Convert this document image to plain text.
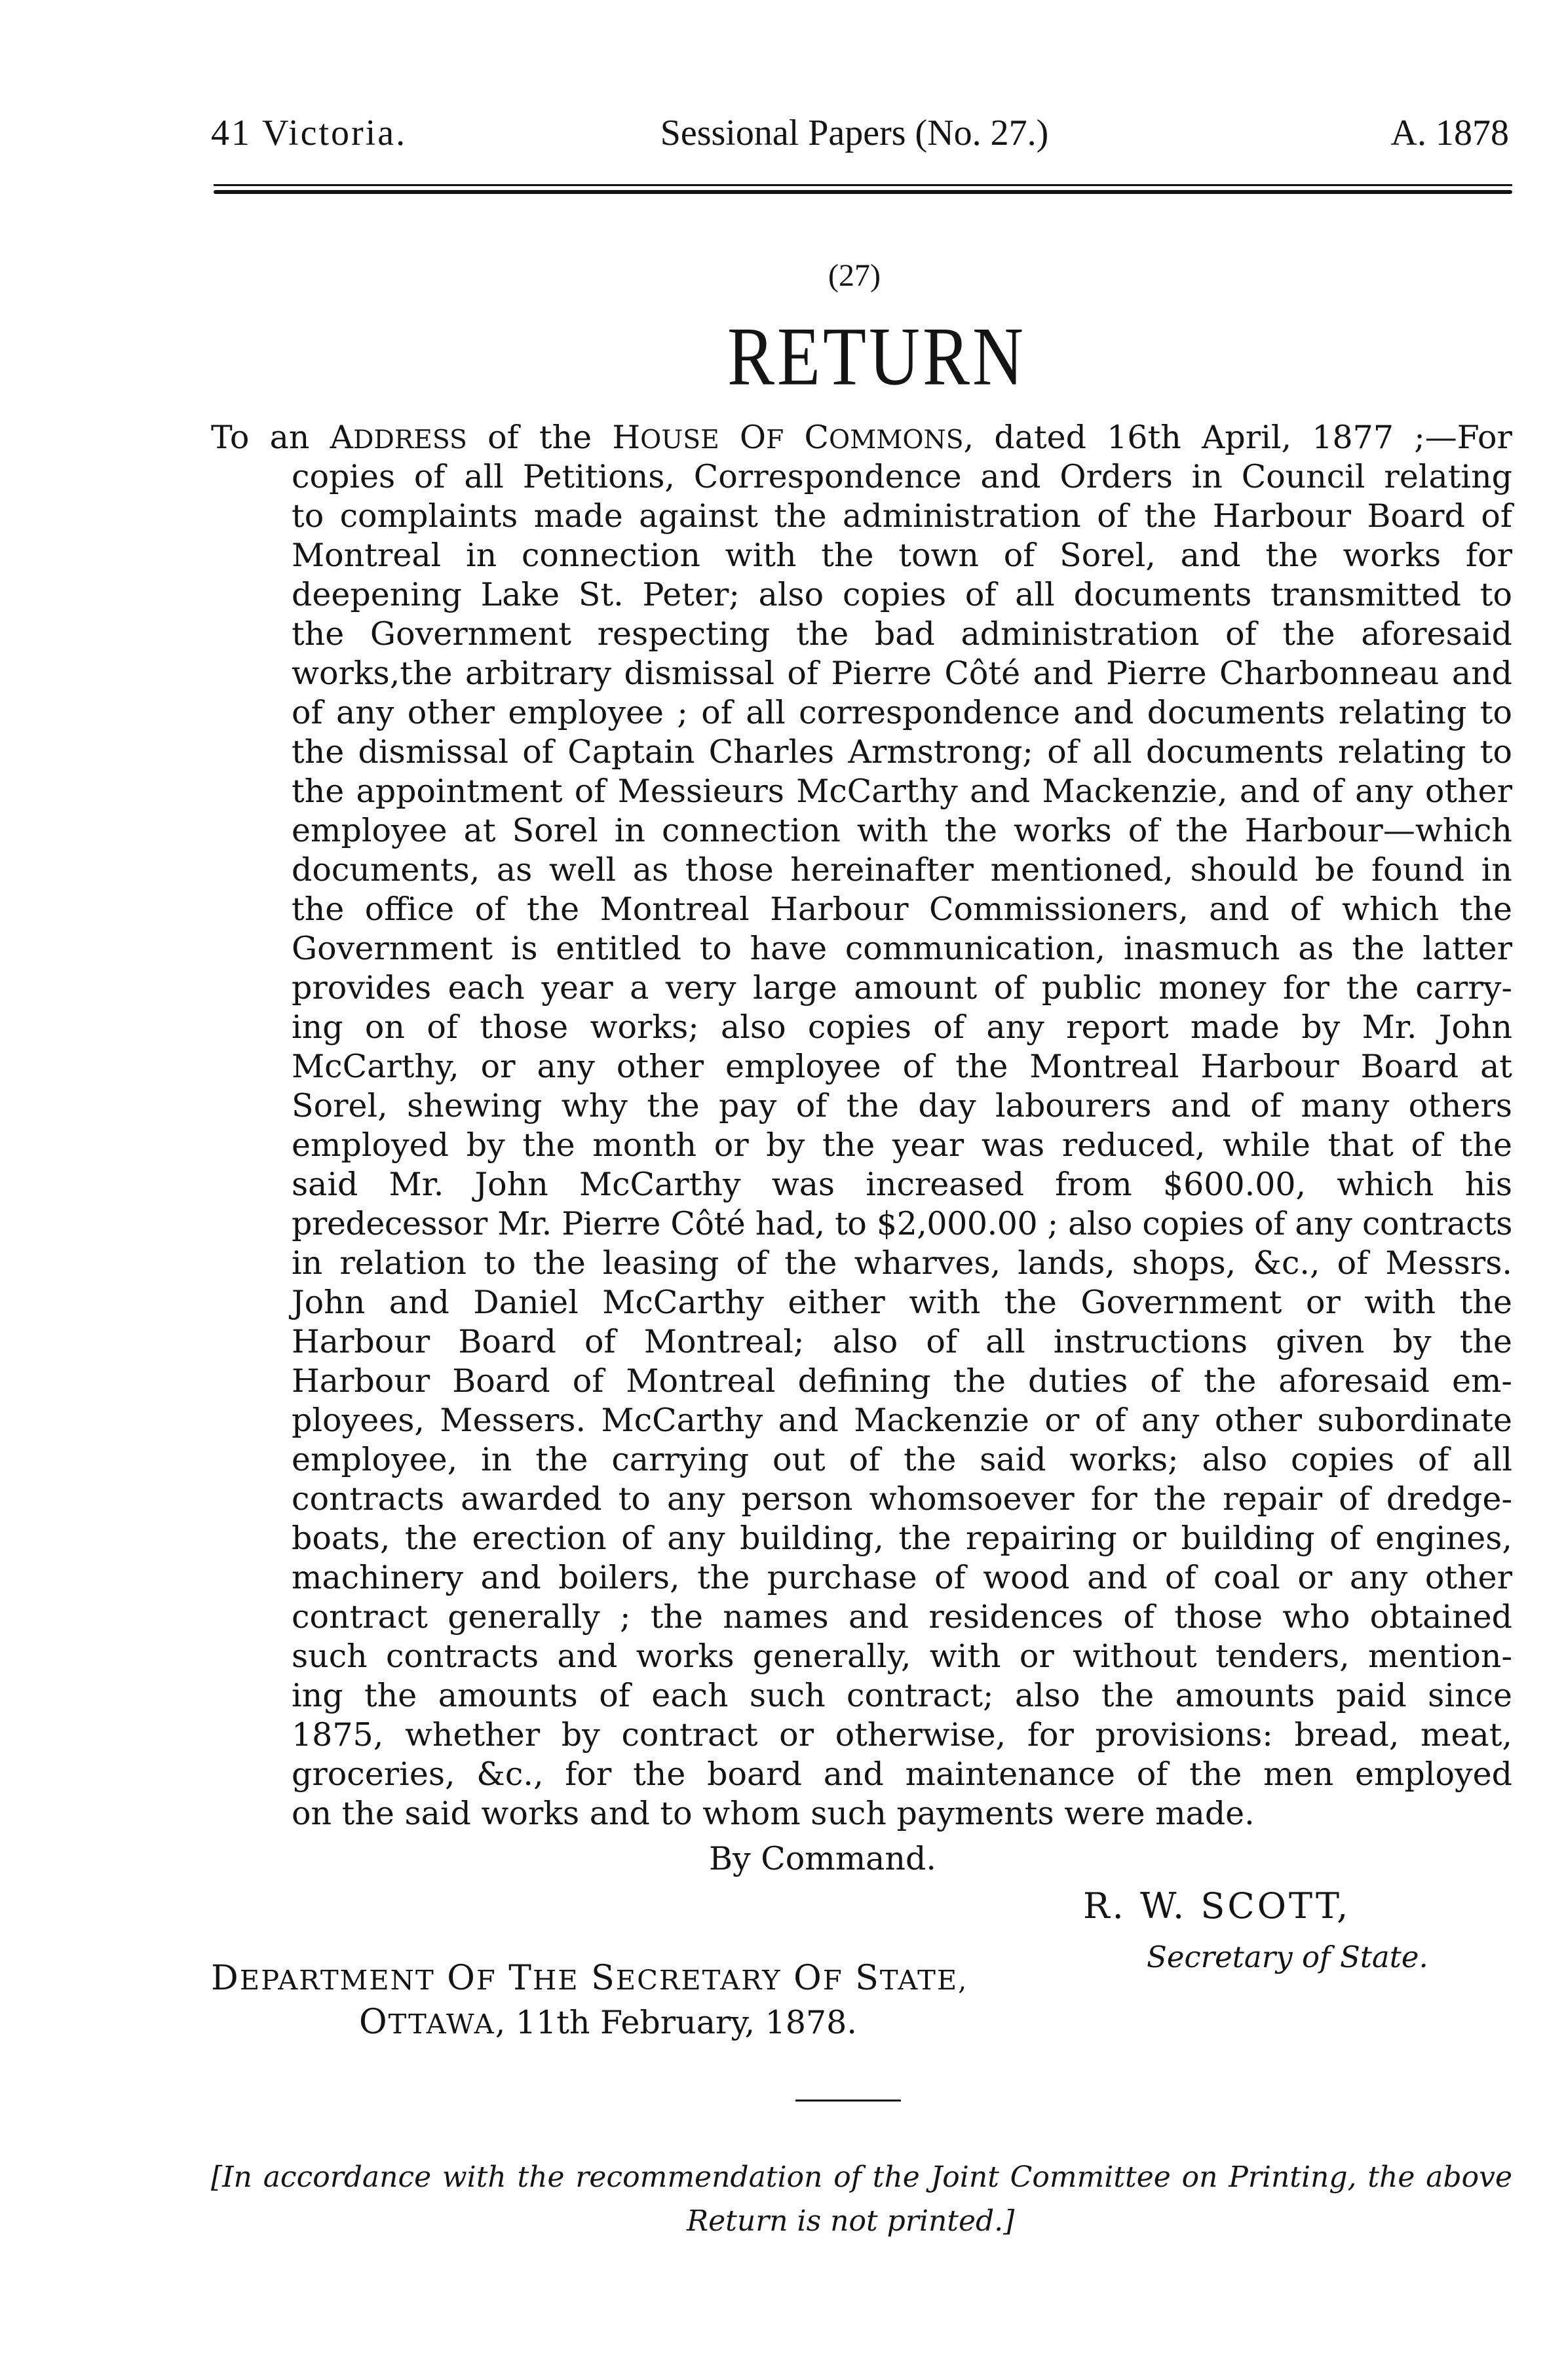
41 Victoria.	Sessional Papers (No. 27.)	A. 1878
(27)
RETURN
To an ADDRESS of the HOUSE OF COMMONS, dated 16th April, 1877 ;—For
copies of all Petitions, Correspondence and Orders in Council relating
to complaints made against the administration of the Harbour Board of
Montreal in connection with the town of Sorel, and the works for
deepening Lake St. Peter; also copies of all documents transmitted to
the Government respecting the bad administration of the aforesaid
works,the arbitrary dismissal of Pierre Côté and Pierre Charbonneau and
of any other employee ; of all correspondence and documents relating to
the dismissal of Captain Charles Armstrong; of all documents relating to
the appointment of Messieurs McCarthy and Mackenzie, and of any other
employee at Sorel in connection with the works of the Harbour—which
documents, as well as those hereinafter mentioned, should be found in
the office of the Montreal Harbour Commissioners, and of which the
Government is entitled to have communication, inasmuch as the latter
provides each year a very large amount of public money for the carry-
ing on of those works; also copies of any report made by Mr. John
McCarthy, or any other employee of the Montreal Harbour Board at
Sorel, shewing why the pay of the day labourers and of many others
employed by the month or by the year was reduced, while that of the
said Mr. John McCarthy was increased from $600.00, which his
predecessor Mr. Pierre Côté had, to $2,000.00 ; also copies of any contracts
in relation to the leasing of the wharves, lands, shops, &c., of Messrs.
John and Daniel McCarthy either with the Government or with the
Harbour Board of Montreal; also of all instructions given by the
Harbour Board of Montreal defining the duties of the aforesaid em-
ployees, Messers. McCarthy and Mackenzie or of any other subordinate
employee, in the carrying out of the said works; also copies of all
contracts awarded to any person whomsoever for the repair of dredge-
boats, the erection of any building, the repairing or building of engines,
machinery and boilers, the purchase of wood and of coal or any other
contract generally ; the names and residences of those who obtained
such contracts and works generally, with or without tenders, mention-
ing the amounts of each such contract; also the amounts paid since
1875, whether by contract or otherwise, for provisions: bread, meat,
groceries, &c., for the board and maintenance of the men employed
on the said works and to whom such payments were made.
By Command.
R. W. SCOTT,
Secretary of State.
DEPARTMENT OF THE SECRETARY OF STATE,
OTTAWA, 11th February, 1878.
[In accordance with the recommendation of the Joint Committee on Printing, the above
Return is not printed.]
